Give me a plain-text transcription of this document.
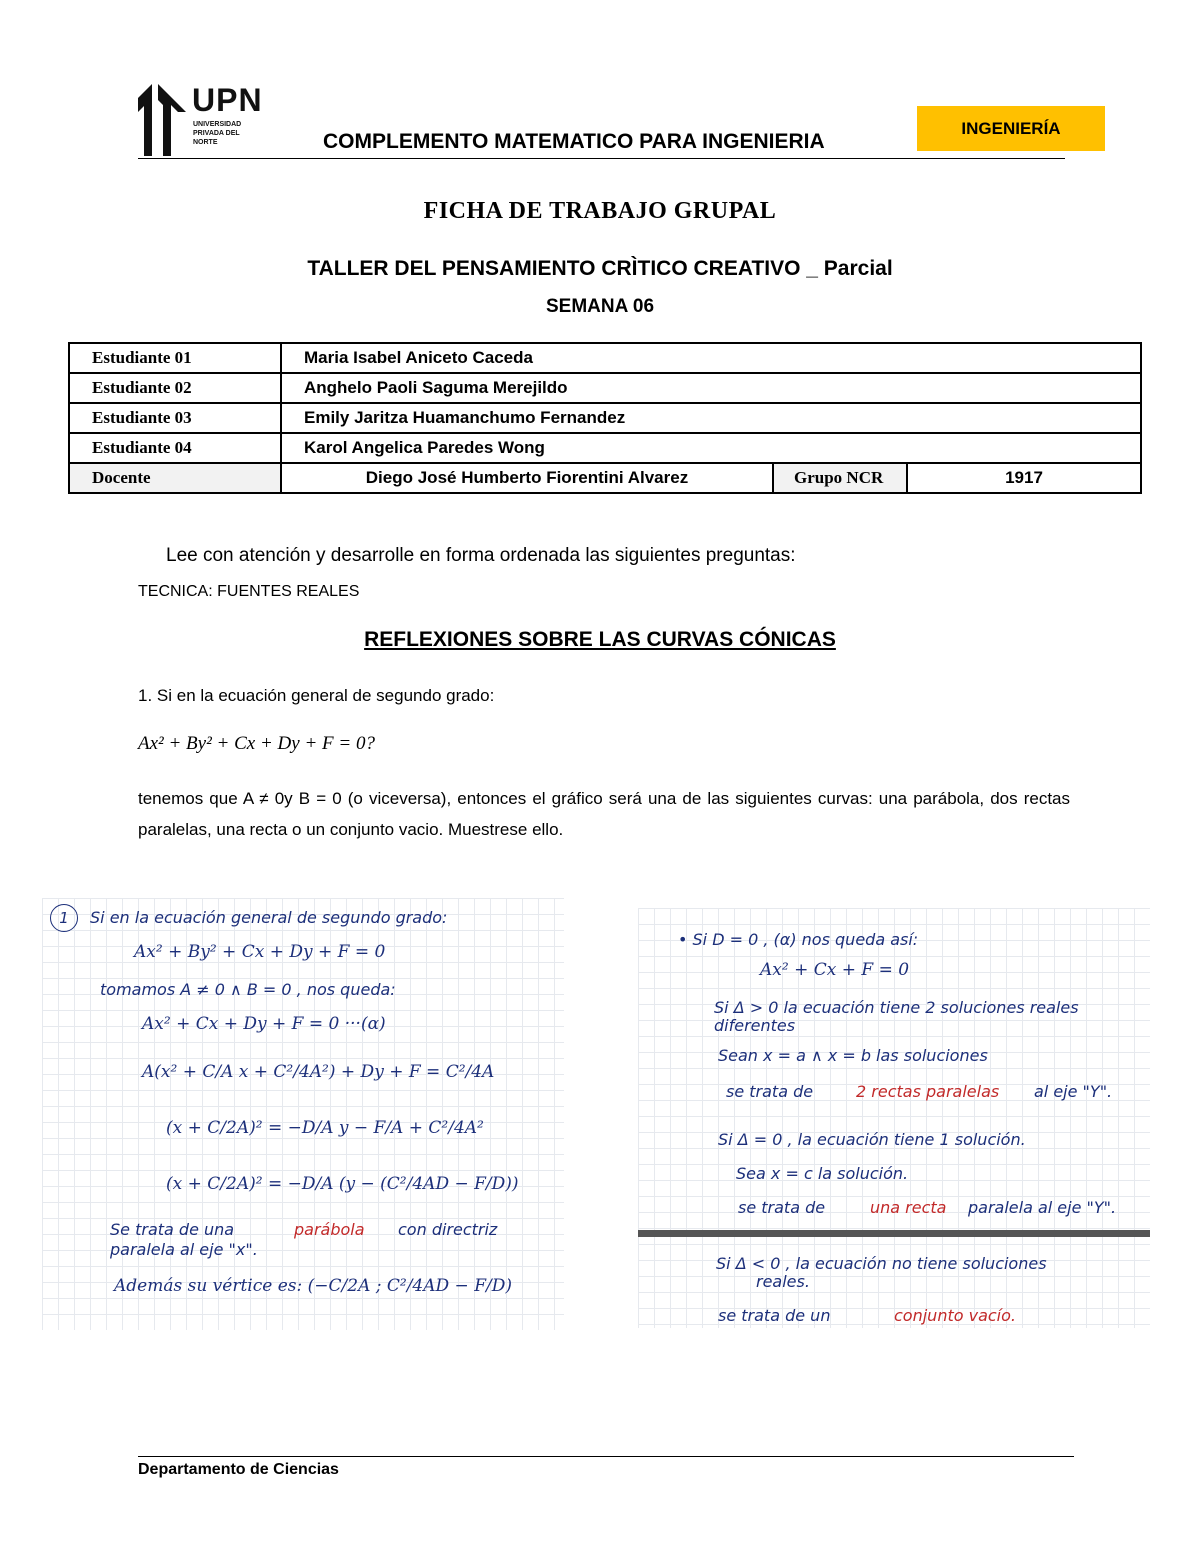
UPN
UNIVERSIDAD PRIVADA DEL NORTE	COMPLEMENTO MATEMATICO PARA INGENIERIA
INGENIERÍA
FICHA DE TRABAJO GRUPAL
TALLER DEL PENSAMIENTO CRÌTICO CREATIVO _ Parcial
SEMANA 06
Estudiante 01	Maria Isabel Aniceto Caceda		
Estudiante 02	Anghelo Paoli Saguma Merejildo		
Estudiante 03	Emily Jaritza Huamanchumo Fernandez		
Estudiante 04	Karol Angelica Paredes Wong		
Docente	Diego José Humberto Fiorentini Alvarez	Grupo NCR	1917
Lee con atención y desarrolle en forma ordenada las siguientes preguntas:
TECNICA: FUENTES REALES
REFLEXIONES SOBRE LAS CURVAS CÓNICAS
1. Si en la ecuación general de segundo grado:
Ax² + By² + Cx + Dy + F = 0?
tenemos que A ≠ 0y B = 0 (o viceversa), entonces el gráfico será una de las siguientes curvas: una parábola, dos rectas paralelas, una recta o un conjunto vacio. Muestrese ello.
1	Si en la ecuación general de segundo grado:
Ax² + By² + Cx + Dy + F = 0
tomamos A ≠ 0 ∧ B = 0 , nos queda:
Ax² + Cx + Dy + F = 0 ···(α)
A(x² + C/A x + C²/4A²) + Dy + F = C²/4A
(x + C/2A)² = −D/A y − F/A + C²/4A²
(x + C/2A)² = −D/A (y − (C²/4AD − F/D))
Se trata de una	parábola con directriz
paralela al eje "x".
Además su vértice es: (−C/2A ; C²/4AD − F/D)
• Si D = 0 , (α) nos queda así:
Ax² + Cx + F = 0
Si Δ > 0 la ecuación tiene 2 soluciones reales
diferentes
Sean x = a ∧ x = b las soluciones
se trata de	2 rectas paralelas al eje "Y".
Si Δ = 0 , la ecuación tiene 1 solución.
Sea x = c la solución.
se trata de	una recta paralela al eje "Y".
Si Δ < 0 , la ecuación no tiene soluciones
reales.
se trata de un	conjunto vacío.
Departamento de Ciencias
